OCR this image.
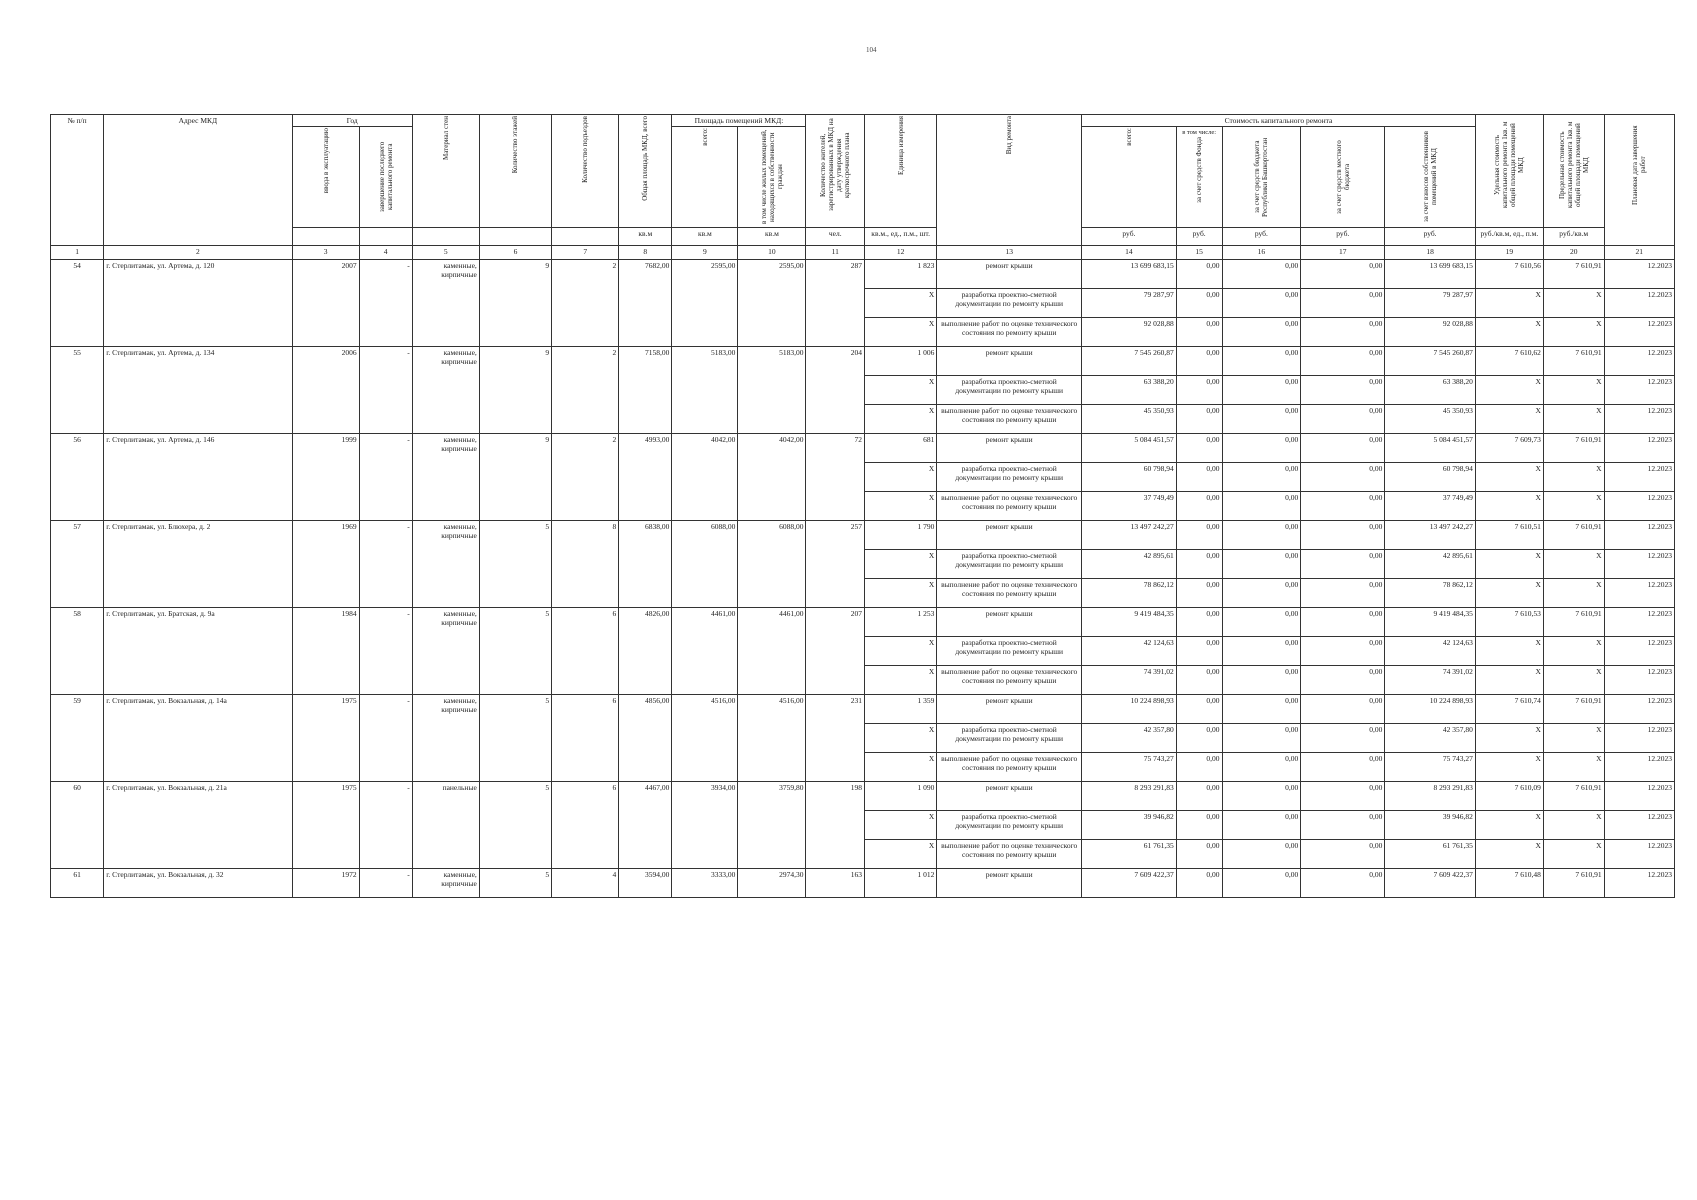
104
№ п/п	Адрес МКД	Год		Материал стен	Количество этажей	Количество подъездов	Общая площадь МКД, всего	Площадь помещений МКД:		Количество жителей, зарегистрированных в МКД на дату утверждения краткосрочного плана	Единица измерения	Вид ремонта	Стоимость капитального ремонта					Удельная стоимость капитального ремонта 1кв. м общей площади помещений МКД	Предельная стоимость капитального ремонта 1кв. м общей площади помещений МКД	Плановая дата завершения работ

		ввода в эксплуатацию	завершение последнего капитального ремонта					всего:	в том числе жилых помещений, находящихся в собственности граждан				всего:	в том числе:
за счет средств Фонда	за счет средств бюджета Республики Башкортостан	за счет средств местного бюджета	за счет взносов собственников помещений в МКД			

							кв.м	кв.м	кв.м	чел.	кв.м., ед., п.м., шт.		руб.	руб.	руб.	руб.	руб.	руб./кв.м, ед., п.м.	руб./кв.м	
1	2	3	4	5	6	7	8	9	10	11	12	13	14	15	16	17	18	19	20	21
54	г. Стерлитамак, ул. Артема, д. 120	2007	-	каменные, кирпичные	9	2	7682,00	2595,00	2595,00	287	1 823	ремонт крыши	13 699 683,15	0,00	0,00	0,00	13 699 683,15	7 610,56	7 610,91	12.2023
											X	разработка проектно-сметной документации по ремонту крыши	79 287,97	0,00	0,00	0,00	79 287,97	X	X	12.2023
											X	выполнение работ по оценке технического состояния по ремонту крыши	92 028,88	0,00	0,00	0,00	92 028,88	X	X	12.2023
55	г. Стерлитамак, ул. Артема, д. 134	2006	-	каменные, кирпичные	9	2	7158,00	5183,00	5183,00	204	1 006	ремонт крыши	7 545 260,87	0,00	0,00	0,00	7 545 260,87	7 610,62	7 610,91	12.2023
											X	разработка проектно-сметной документации по ремонту крыши	63 388,20	0,00	0,00	0,00	63 388,20	X	X	12.2023
											X	выполнение работ по оценке технического состояния по ремонту крыши	45 350,93	0,00	0,00	0,00	45 350,93	X	X	12.2023
56	г. Стерлитамак, ул. Артема, д. 146	1999	-	каменные, кирпичные	9	2	4993,00	4042,00	4042,00	72	681	ремонт крыши	5 084 451,57	0,00	0,00	0,00	5 084 451,57	7 609,73	7 610,91	12.2023
											X	разработка проектно-сметной документации по ремонту крыши	60 798,94	0,00	0,00	0,00	60 798,94	X	X	12.2023
											X	выполнение работ по оценке технического состояния по ремонту крыши	37 749,49	0,00	0,00	0,00	37 749,49	X	X	12.2023
57	г. Стерлитамак, ул. Блюхера, д. 2	1969	-	каменные, кирпичные	5	8	6838,00	6088,00	6088,00	257	1 790	ремонт крыши	13 497 242,27	0,00	0,00	0,00	13 497 242,27	7 610,51	7 610,91	12.2023
											X	разработка проектно-сметной документации по ремонту крыши	42 895,61	0,00	0,00	0,00	42 895,61	X	X	12.2023
											X	выполнение работ по оценке технического состояния по ремонту крыши	78 862,12	0,00	0,00	0,00	78 862,12	X	X	12.2023
58	г. Стерлитамак, ул. Братская, д. 9а	1984	-	каменные, кирпичные	5	6	4826,00	4461,00	4461,00	207	1 253	ремонт крыши	9 419 484,35	0,00	0,00	0,00	9 419 484,35	7 610,53	7 610,91	12.2023
											X	разработка проектно-сметной документации по ремонту крыши	42 124,63	0,00	0,00	0,00	42 124,63	X	X	12.2023
											X	выполнение работ по оценке технического состояния по ремонту крыши	74 391,02	0,00	0,00	0,00	74 391,02	X	X	12.2023
59	г. Стерлитамак, ул. Вокзальная, д. 14а	1975	-	каменные, кирпичные	5	6	4856,00	4516,00	4516,00	231	1 359	ремонт крыши	10 224 898,93	0,00	0,00	0,00	10 224 898,93	7 610,74	7 610,91	12.2023
											X	разработка проектно-сметной документации по ремонту крыши	42 357,80	0,00	0,00	0,00	42 357,80	X	X	12.2023
											X	выполнение работ по оценке технического состояния по ремонту крыши	75 743,27	0,00	0,00	0,00	75 743,27	X	X	12.2023
60	г. Стерлитамак, ул. Вокзальная, д. 21а	1975	-	панельные	5	6	4467,00	3934,00	3759,80	198	1 090	ремонт крыши	8 293 291,83	0,00	0,00	0,00	8 293 291,83	7 610,09	7 610,91	12.2023
											X	разработка проектно-сметной документации по ремонту крыши	39 946,82	0,00	0,00	0,00	39 946,82	X	X	12.2023
											X	выполнение работ по оценке технического состояния по ремонту крыши	61 761,35	0,00	0,00	0,00	61 761,35	X	X	12.2023
61	г. Стерлитамак, ул. Вокзальная, д. 32	1972	-	каменные, кирпичные	5	4	3594,00	3333,00	2974,30	163	1 012	ремонт крыши	7 609 422,37	0,00	0,00	0,00	7 609 422,37	7 610,48	7 610,91	12.2023
